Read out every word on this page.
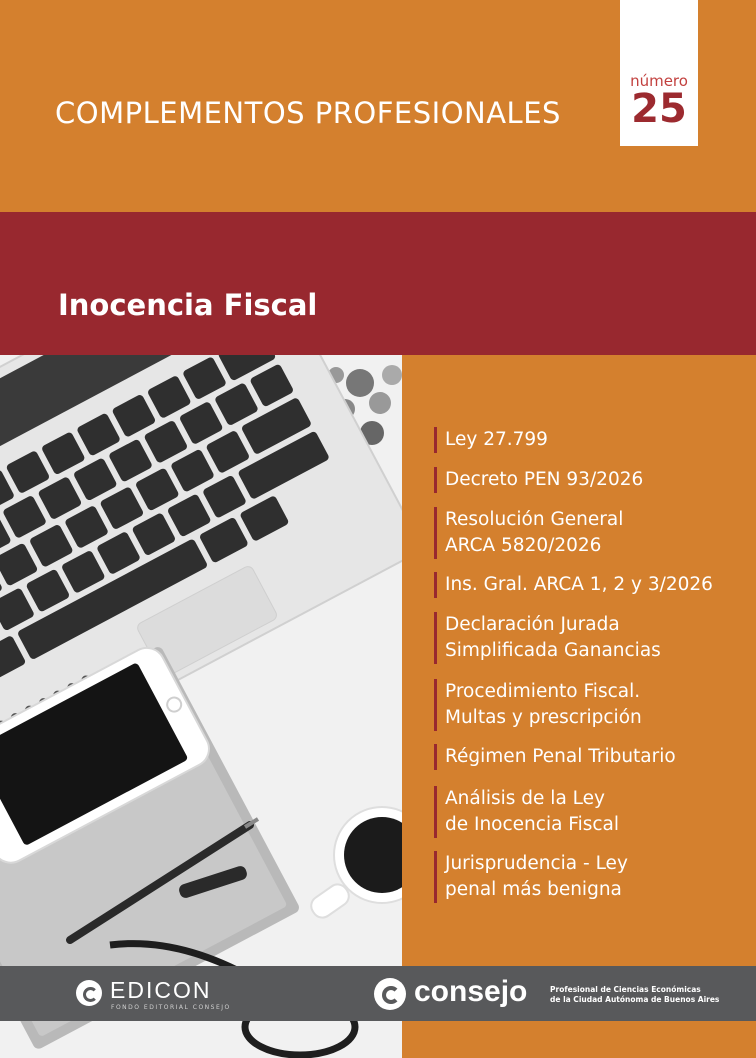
COMPLEMENTOS PROFESIONALES
número
25
Inocencia Fiscal
Ley 27.799
Decreto PEN 93/2026
Resolución General
ARCA 5820/2026
Ins. Gral. ARCA 1, 2 y 3/2026
Declaración Jurada
Simplificada Ganancias
Procedimiento Fiscal.
Multas y prescripción
Régimen Penal Tributario
Análisis de la Ley
de Inocencia Fiscal
Jurisprudencia - Ley
penal más benigna
EDICON
FONDO EDITORIAL CONSEJO	consejo	Profesional de Ciencias Económicas
de la Ciudad Autónoma de Buenos Aires
